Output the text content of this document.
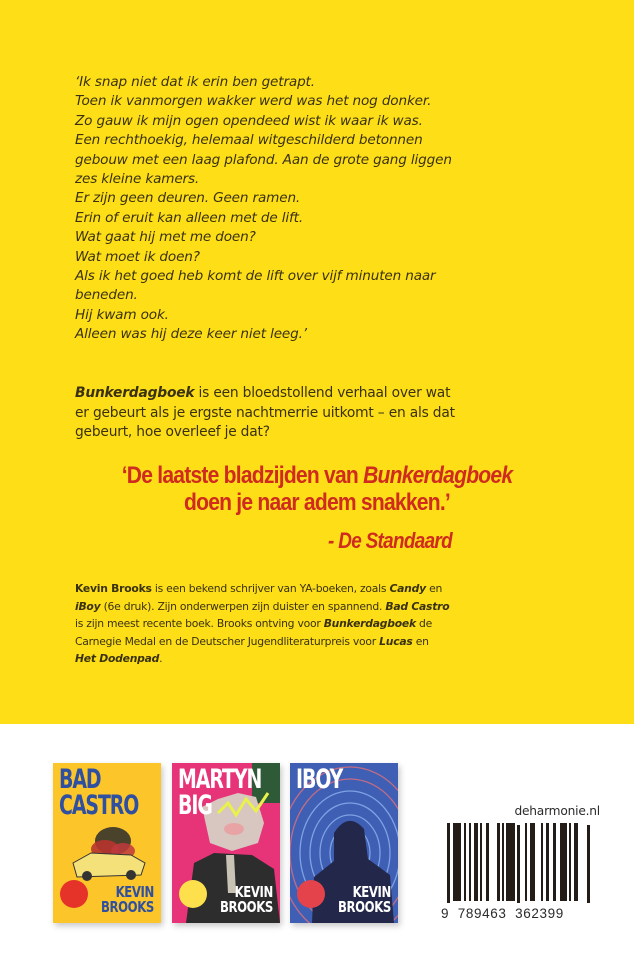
‘Ik snap niet dat ik erin ben getrapt.
Toen ik vanmorgen wakker werd was het nog donker.
Zo gauw ik mijn ogen opendeed wist ik waar ik was.
Een rechthoekig, helemaal witgeschilderd betonnen
gebouw met een laag plafond. Aan de grote gang liggen
zes kleine kamers.
Er zijn geen deuren. Geen ramen.
Erin of eruit kan alleen met de lift.
Wat gaat hij met me doen?
Wat moet ik doen?
Als ik het goed heb komt de lift over vijf minuten naar
beneden.
Hij kwam ook.
Alleen was hij deze keer niet leeg.’
Bunkerdagboek is een bloedstollend verhaal over wat
er gebeurt als je ergste nachtmerrie uitkomt – en als dat
gebeurt, hoe overleef je dat?
‘De laatste bladzijden van Bunkerdagboek
doen je naar adem snakken.’
- De Standaard
Kevin Brooks is een bekend schrijver van YA-boeken, zoals Candy en
iBoy (6e druk). Zijn onderwerpen zijn duister en spannend. Bad Castro
is zijn meest recente boek. Brooks ontving voor Bunkerdagboek de
Carnegie Medal en de Deutscher Jugendliteraturpreis voor Lucas en
Het Dodenpad.
BAD
CASTRO
KEVIN
BROOKS
MARTYN
BIG
KEVIN
BROOKS
IBOY
KEVIN
BROOKS
deharmonie.nl
9  789463  362399
